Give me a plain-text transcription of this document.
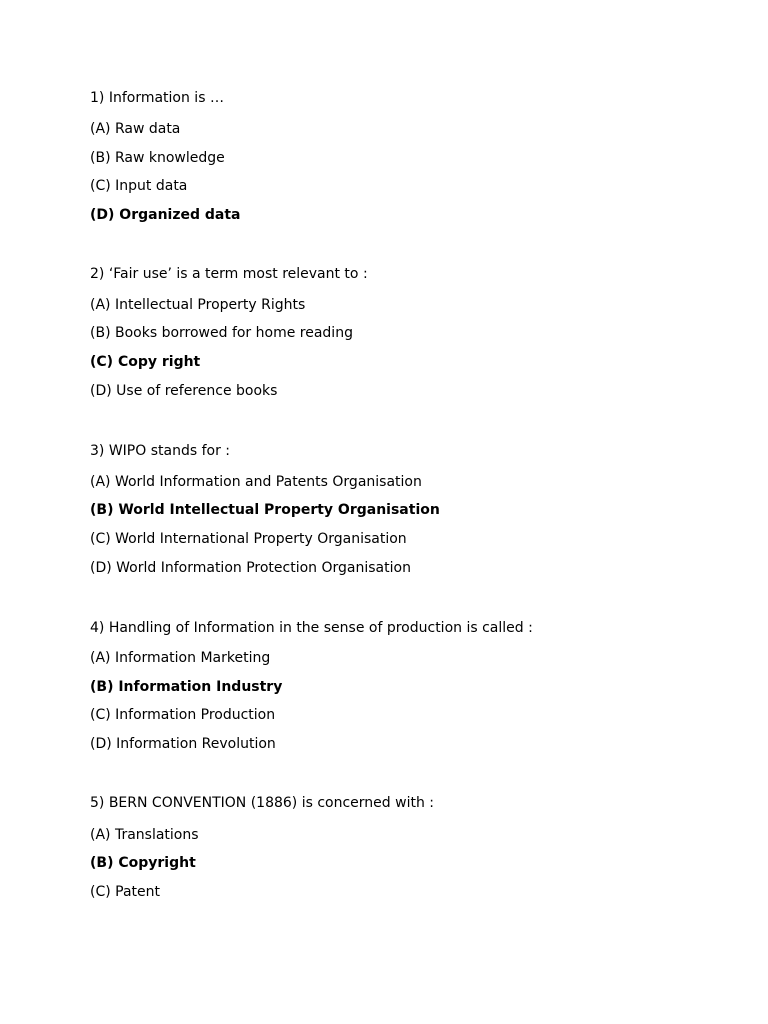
1) Information is …
(A) Raw data
(B) Raw knowledge
(C) Input data
(D) Organized data
2) ‘Fair use’ is a term most relevant to :
(A) Intellectual Property Rights
(B) Books borrowed for home reading
(C) Copy right
(D) Use of reference books
3) WIPO stands for :
(A) World Information and Patents Organisation
(B) World Intellectual Property Organisation
(C) World International Property Organisation
(D) World Information Protection Organisation
4) Handling of Information in the sense of production is called :
(A) Information Marketing
(B) Information Industry
(C) Information Production
(D) Information Revolution
5) BERN CONVENTION (1886) is concerned with :
(A) Translations
(B) Copyright
(C) Patent
